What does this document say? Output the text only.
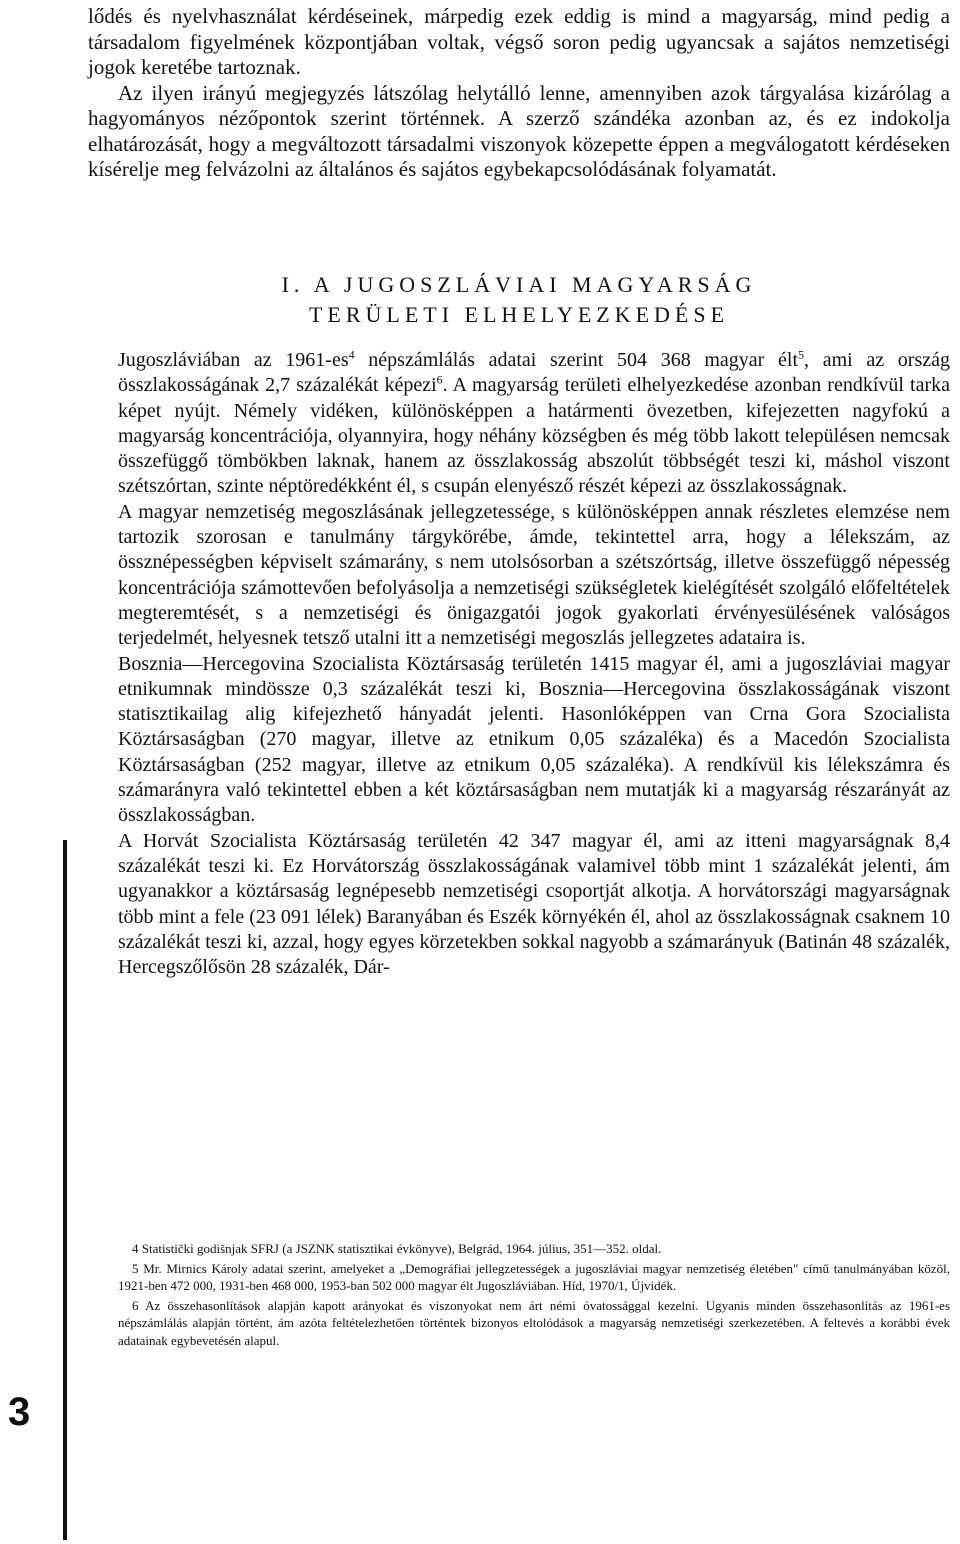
lődés és nyelvhasználat kérdéseinek, márpedig ezek eddig is mind a magyarság, mind pedig a társadalom figyelmének központjában voltak, végső soron pedig ugyancsak a sajátos nemzetiségi jogok keretébe tartoznak.

Az ilyen irányú megjegyzés látszólag helytálló lenne, amennyiben azok tárgyalása kizárólag a hagyományos nézőpontok szerint történnek. A szerző szándéka azonban az, és ez indokolja elhatározását, hogy a megváltozott társadalmi viszonyok közepette éppen a megválogatott kérdéseken kísérelje meg felvázolni az általános és sajátos egybekapcsolódásának folyamatát.

I. A JUGOSZLÁVIAI MAGYARSÁG

TERÜLETI ELHELYEZKEDÉSE

Jugoszláviában az $1961-es^4$ népszámlálás adatai szerint 504 368 magyar élt$^5$, ami az ország összlakosságának 2,7 százalékát képezi$^6$. A magyarság területi elhelyezkedése azonban rendkívül tarka képet nyújt. Némely vidéken, különösképpen a határmenti övezetben, kifejezetten nagyfokú a magyarság koncentrációja, olyannyira, hogy néhány községben és még több lakott településen nemcsak összefüggő tömbökben laknak, hanem az összlakosság abszolút többségét teszi ki, máshol viszont szétszórtan, szinte néptöredékként él, s csupán elenyésző részét képezi az összlakosságnak.

A magyar nemzetiség megoszlásának jellegzetessége, s különösképpen annak részletes elemzése nem tartozik szorosan e tanulmány tárgykörébe, ámde, tekintettel arra, hogy a lélekszám, az össznépességben képviselt számarány, s nem utolsósorban a szétszórtság, illetve összefüggő népesség koncentrációja számottevően befolyásolja a nemzetiségi szükségletek kielégítését szolgáló előfeltételek megteremtését, s a nemzetiségi és önigazgatói jogok gyakorlati érvényesülésének valóságos terjedelmét, helyesnek tetsző utalni itt a nemzetiségi megoszlás jellegzetes adataira is.

Bosznia—Hercegovina Szocialista Köztársaság területén 1415 magyar él, ami a jugoszláviai magyar etnikumnak mindössze 0,3 százalékát teszi ki, Bosznia—Hercegovina összlakosságának viszont statisztikailag alig kifejezhető hányadát jelenti. Hasonlóképpen van Crna Gora Szocialista Köztársaságban (270 magyar, illetve az etnikum 0,05 százaléka) és a Macedón Szocialista Köztársaságban (252 magyar, illetve az etnikum 0,05 százaléka). A rendkívül kis lélekszámra és számarányra való tekintettel ebben a két köztársaságban nem mutatják ki a magyarság részarányát az összlakosságban.

A Horvát Szocialista Köztársaság területén 42 347 magyar él, ami az itteni magyarságnak 8,4 százalékát teszi ki. Ez Horvátország összlakosságának valamivel több mint 1 százalékát jelenti, ám ugyanakkor a köztársaság legnépesebb nemzetiségi csoportját alkotja. A horvátországi magyarságnak több mint a fele (23 091 lélek) Baranyában és Eszék környékén él, ahol az összlakosságnak csaknem 10 százalékát teszi ki, azzal, hogy egyes körzetekben sokkal nagyobb a számarányuk (Batinán 48 százalék, Hercegszőlősön 28 százalék, Dár-

4 Statistički godišnjak SFRJ (a JSZNK statisztikai évkönyve), Belgrád, 1964. július, 351—352. oldal.

5 Mr. Mirnics Károly adatai szerint, amelyeket a „Demográfiai jellegzetességek a jugoszláviai magyar nemzetiség életében" című tanulmányában közöl, 1921-ben 472 000, 1931-ben 468 000, 1953-ban 502 000 magyar élt Jugoszláviában. Híd, 1970/1, Újvidék.

6 Az összehasonlítások alapján kapott arányokat és viszonyokat nem árt némi óvatossággal kezelni. Ugyanis minden összehasonlítás az 1961-es népszámlálás alapján történt, ám azóta feltételezhetően történtek bizonyos eltolódások a magyarság nemzetiségi szerkezetében. A feltevés a korábbi évek adatainak egybevetésén alapul.

3
